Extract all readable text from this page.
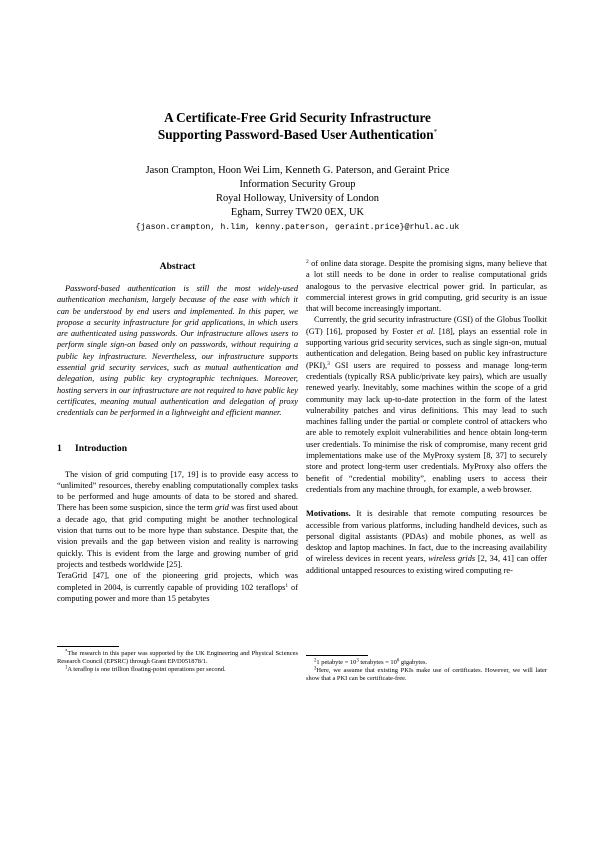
A Certificate-Free Grid Security Infrastructure
Supporting Password-Based User Authentication*
Jason Crampton, Hoon Wei Lim, Kenneth G. Paterson, and Geraint Price
Information Security Group
Royal Holloway, University of London
Egham, Surrey TW20 0EX, UK
{jason.crampton, h.lim, kenny.paterson, geraint.price}@rhul.ac.uk
Abstract

Password-based authentication is still the most widely-used authentication mechanism, largely because of the ease with which it can be understood by end users and implemented. In this paper, we propose a security infrastructure for grid applications, in which users are authenticated using passwords. Our infrastructure allows users to perform single sign-on based only on passwords, without requiring a public key infrastructure. Nevertheless, our infrastructure supports essential grid security services, such as mutual authentication and delegation, using public key cryptographic techniques. Moreover, hosting servers in our infrastructure are not required to have public key certificates, meaning mutual authentication and delegation of proxy credentials can be performed in a lightweight and efficient manner.

1 Introduction

The vision of grid computing [17, 19] is to provide easy access to “unlimited” resources, thereby enabling computationally complex tasks to be performed and huge amounts of data to be stored and shared. There has been some suspicion, since the term grid was first used about a decade ago, that grid computing might be another technological vision that turns out to be more hype than substance. Despite that, the vision prevails and the gap between vision and reality is narrowing quickly. This is evident from the large and growing number of grid projects and testbeds worldwide [25].

TeraGrid [47], one of the pioneering grid projects, which was completed in 2004, is currently capable of providing 102 teraflops$^1$ of computing power and more than 15 petabytes

*The research in this paper was supported by the UK Engineering and Physical Sciences Research Council (EPSRC) through Grant EP/D051878/1.

$^1$A teraflop is one trillion floating-point operations per second.

$^2$ of online data storage. Despite the promising signs, many believe that a lot still needs to be done in order to realise computational grids analogous to the pervasive electrical power grid. In particular, as commercial interest grows in grid computing, grid security is an issue that will become increasingly important.

Currently, the grid security infrastructure (GSI) of the Globus Toolkit (GT) [16], proposed by Foster et al. [18], plays an essential role in supporting various grid security services, such as single sign-on, mutual authentication and delegation. Being based on public key infrastructure (PKI),$^3$ GSI users are required to possess and manage long-term credentials (typically RSA public/private key pairs), which are usually renewed yearly. Inevitably, some machines within the scope of a grid community may lack up-to-date protection in the form of the latest vulnerability patches and virus definitions. This may lead to such machines falling under the partial or complete control of attackers who are able to remotely exploit vulnerabilities and hence obtain long-term user credentials. To minimise the risk of compromise, many recent grid implementations make use of the MyProxy system [8, 37] to securely store and protect long-term user credentials. MyProxy also offers the benefit of “credential mobility”, enabling users to access their credentials from any machine through, for example, a web browser.

Motivations. It is desirable that remote computing resources be accessible from various platforms, including handheld devices, such as personal digital assistants (PDAs) and mobile phones, as well as desktop and laptop machines. In fact, due to the increasing availability of wireless devices in recent years, wireless grids [2, 34, 41] can offer additional untapped resources to existing wired computing re-

$^2$1 petabyte = $10^3$ terabytes = $10^6$ gigabytes.

$^3$Here, we assume that existing PKIs make use of certificates. However, we will later show that a PKI can be certificate-free.
